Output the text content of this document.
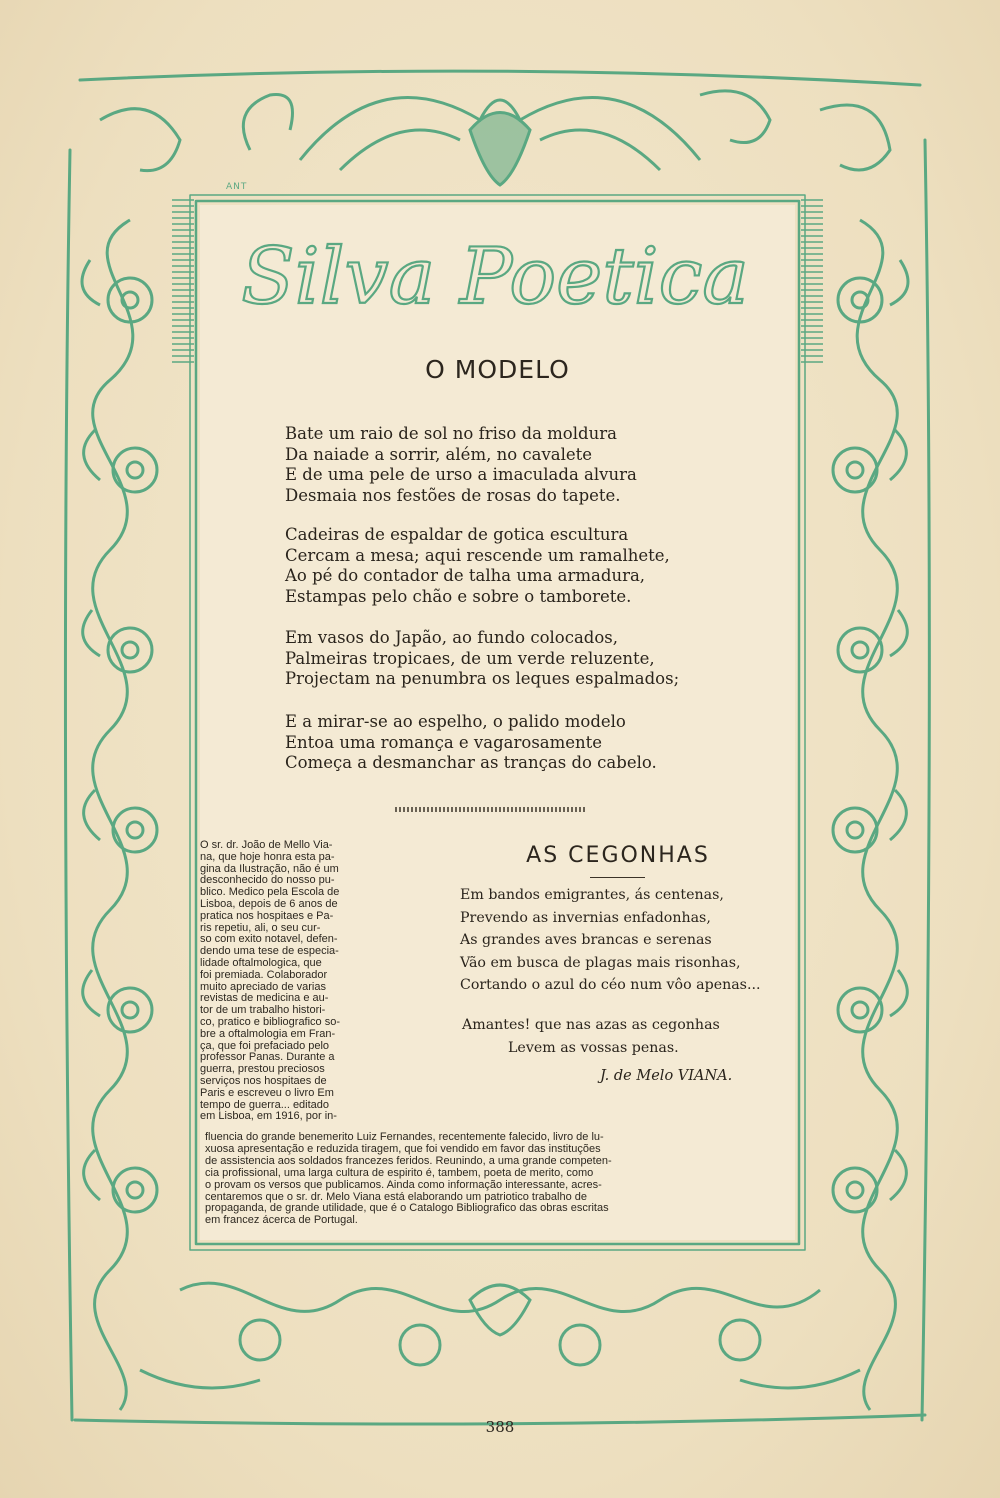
ANT
Silva Poetica
O MODELO
Bate um raio de sol no friso da moldura
Da naiade a sorrir, além, no cavalete
E de uma pele de urso a imaculada alvura
Desmaia nos festões de rosas do tapete.
Cadeiras de espaldar de gotica escultura
Cercam a mesa; aqui rescende um ramalhete,
Ao pé do contador de talha uma armadura,
Estampas pelo chão e sobre o tamborete.
Em vasos do Japão, ao fundo colocados,
Palmeiras tropicaes, de um verde reluzente,
Projectam na penumbra os leques espalmados;
E a mirar-se ao espelho, o palido modelo
Entoa uma romança e vagarosamente
Começa a desmanchar as tranças do cabelo.
O sr. dr. João de Mello Via-
na, que hoje honra esta pa-
gina da Ilustração, não é um
desconhecido do nosso pu-
blico. Medico pela Escola de
Lisboa, depois de 6 anos de
pratica nos hospitaes e Pa-
ris repetiu, ali, o seu cur-
so com exito notavel, defen-
dendo uma tese de especia-
lidade oftalmologica, que
foi premiada. Colaborador
muito apreciado de varias
revistas de medicina e au-
tor de um trabalho histori-
co, pratico e bibliografico so-
bre a oftalmologia em Fran-
ça, que foi prefaciado pelo
professor Panas. Durante a
guerra, prestou preciosos
serviços nos hospitaes de
Paris e escreveu o livro Em
tempo de guerra... editado
em Lisboa, em 1916, por in-
fluencia do grande benemerito Luiz Fernandes, recentemente falecido, livro de lu-
xuosa apresentação e reduzida tiragem, que foi vendido em favor das instituções
de assistencia aos soldados francezes feridos. Reunindo, a uma grande competen-
cia profissional, uma larga cultura de espirito é, tambem, poeta de merito, como
o provam os versos que publicamos. Ainda como informação interessante, acres-
centaremos que o sr. dr. Melo Viana está elaborando um patriotico trabalho de
propaganda, de grande utilidade, que é o Catalogo Bibliografico das obras escritas
em francez ácerca de Portugal.
AS CEGONHAS
Em bandos emigrantes, ás centenas,
Prevendo as invernias enfadonhas,
As grandes aves brancas e serenas
Vão em busca de plagas mais risonhas,
Cortando o azul do céo num vôo apenas...
Amantes! que nas azas as cegonhas
Levem as vossas penas.
J. de Melo VIANA.
388
